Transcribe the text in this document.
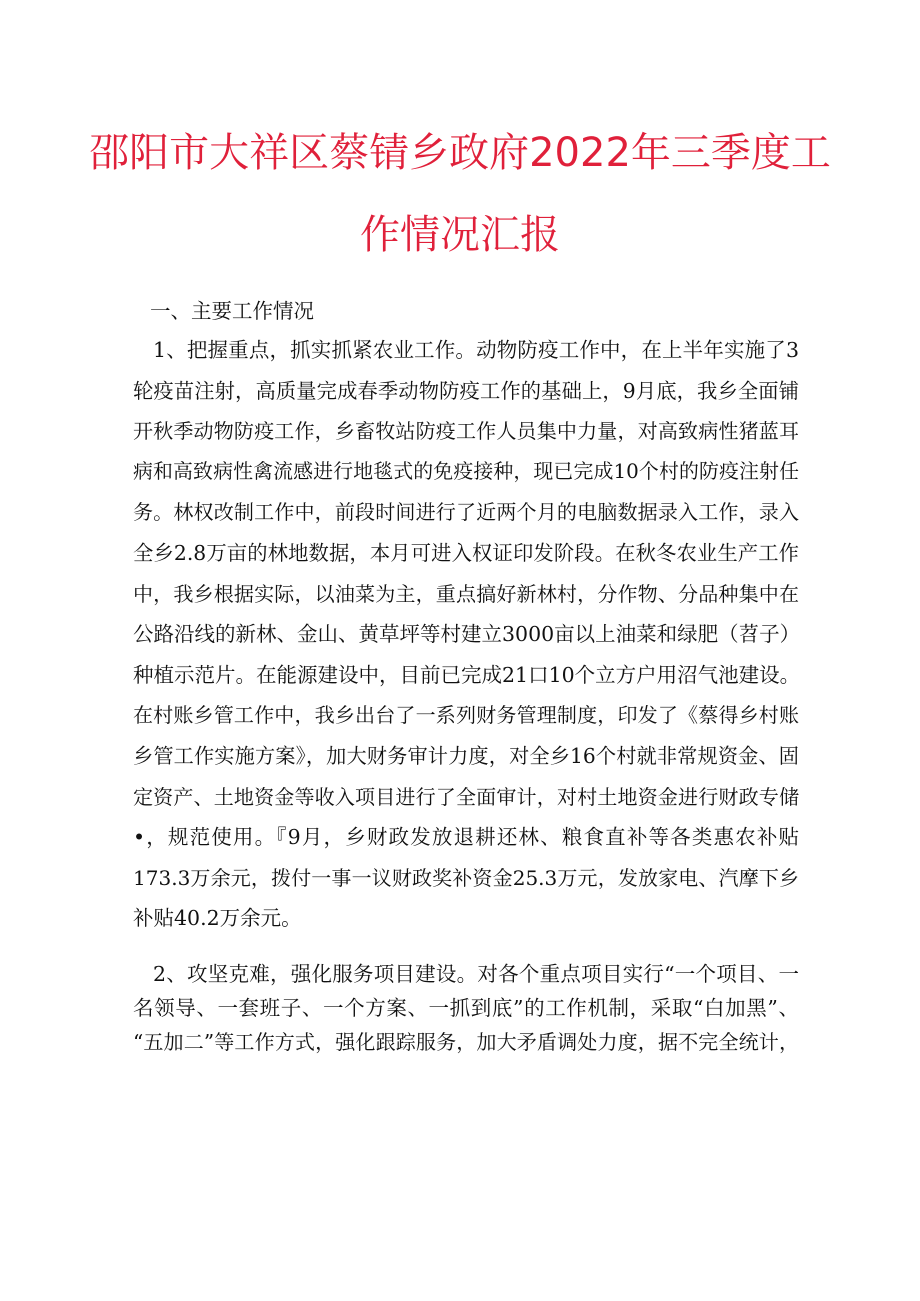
邵阳市大祥区蔡锖乡政府2022年三季度工
作情况汇报

一、主要工作情况

1、把握重点，抓实抓紧农业工作。动物防疫工作中，在上半年实施了3
轮疫苗注射，高质量完成春季动物防疫工作的基础上，9月底，我乡全面铺
开秋季动物防疫工作，乡畜牧站防疫工作人员集中力量，对高致病性猪蓝耳
病和高致病性禽流感进行地毯式的免疫接种，现已完成10个村的防疫注射任
务。林权改制工作中，前段时间进行了近两个月的电脑数据录入工作，录入
全乡2.8万亩的林地数据，本月可进入权证印发阶段。在秋冬农业生产工作
中，我乡根据实际，以油菜为主，重点搞好新林村，分作物、分品种集中在
公路沿线的新林、金山、黄草坪等村建立3000亩以上油菜和绿肥（苕子）
种植示范片。在能源建设中，目前已完成21口10个立方户用沼气池建设。
在村账乡管工作中，我乡出台了一系列财务管理制度，印发了《蔡得乡村账
乡管工作实施方案》，加大财务审计力度，对全乡16个村就非常规资金、固
定资产、土地资金等收入项目进行了全面审计，对村土地资金进行财政专储
•，规范使用。『9月，乡财政发放退耕还林、粮食直补等各类惠农补贴
173.3万余元，拨付一事一议财政奖补资金25.3万元，发放家电、汽摩下乡
补贴40.2万余元。

2、攻坚克难，强化服务项目建设。对各个重点项目实行“一个项目、一
名领导、一套班子、一个方案、一抓到底”的工作机制，采取“白加黑”、
“五加二”等工作方式，强化跟踪服务，加大矛盾调处力度，据不完全统计，
